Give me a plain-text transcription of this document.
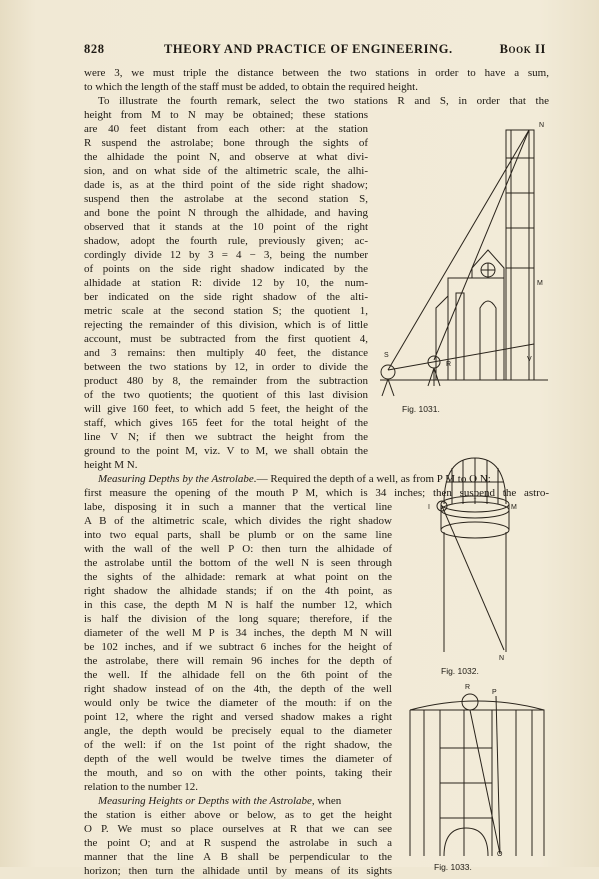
828	THEORY AND PRACTICE OF ENGINEERING.	Book II
were 3, we must triple the distance between the two stations in order to have a sum,
to which the length of the staff must be added, to obtain the required height.
To illustrate the fourth remark, select the two stations R and S, in order that the
height from M to N may be obtained; these stations
are 40 feet distant from each other: at the station
R suspend the astrolabe; bone through the sights of
the alhidade the point N, and observe at what divi-
sion, and on what side of the altimetric scale, the alhi-
dade is, as at the third point of the side right shadow;
suspend then the astrolabe at the second station S,
and bone the point N through the alhidade, and having
observed that it stands at the 10 point of the right
shadow, adopt the fourth rule, previously given; ac-
cordingly divide 12 by 3 = 4 − 3, being the number
of points on the side right shadow indicated by the
alhidade at station R: divide 12 by 10, the num-
ber indicated on the side right shadow of the alti-
metric scale at the second station S; the quotient 1,
rejecting the remainder of this division, which is of little
account, must be subtracted from the first quotient 4,
and 3 remains: then multiply 40 feet, the distance
between the two stations by 12, in order to divide the
product 480 by 8, the remainder from the subtraction
of the two quotients; the quotient of this last division
will give 160 feet, to which add 5 feet, the height of the
staff, which gives 165 feet for the total height of the
line V N; if then we subtract the height from the
ground to the point M, viz. V to M, we shall obtain the
height M N.
Measuring Depths by the Astrolabe.— Required the depth of a well, as from P M to O N:
first measure the opening of the mouth P M, which is 34 inches; then suspend the astro-
labe, disposing it in such a manner that the vertical line
A B of the altimetric scale, which divides the right shadow
into two equal parts, shall be plumb or on the same line
with the wall of the well P O: then turn the alhidade of
the astrolabe until the bottom of the well N is seen through
the sights of the alhidade: remark at what point on the
right shadow the alhidade stands; if on the 4th point, as
in this case, the depth M N is half the number 12, which
is half the division of the long square; therefore, if the
diameter of the well M P is 34 inches, the depth M N will
be 102 inches, and if we subtract 6 inches for the height of
the astrolabe, there will remain 96 inches for the depth of
the well. If the alhidade fell on the 6th point of the
right shadow instead of on the 4th, the depth of the well
would only be twice the diameter of the mouth: if on the
point 12, where the right and versed shadow makes a right
angle, the depth would be precisely equal to the diameter
of the well: if on the 1st point of the right shadow, the
depth of the well would be twelve times the diameter of
the mouth, and so on with the other points, taking their
relation to the number 12.
Measuring Heights or Depths with the Astrolabe, when
the station is either above or below, as to get the height
O P. We must so place ourselves at R that we can see
the point O; and at R suspend the astrolabe in such a
manner that the line A B shall be perpendicular to the
horizon; then turn the alhidade until by means of its sights
N
M
S
R
V
Fig. 1031.
I	M
N
Fig. 1032.
R
P
O
Fig. 1033.
